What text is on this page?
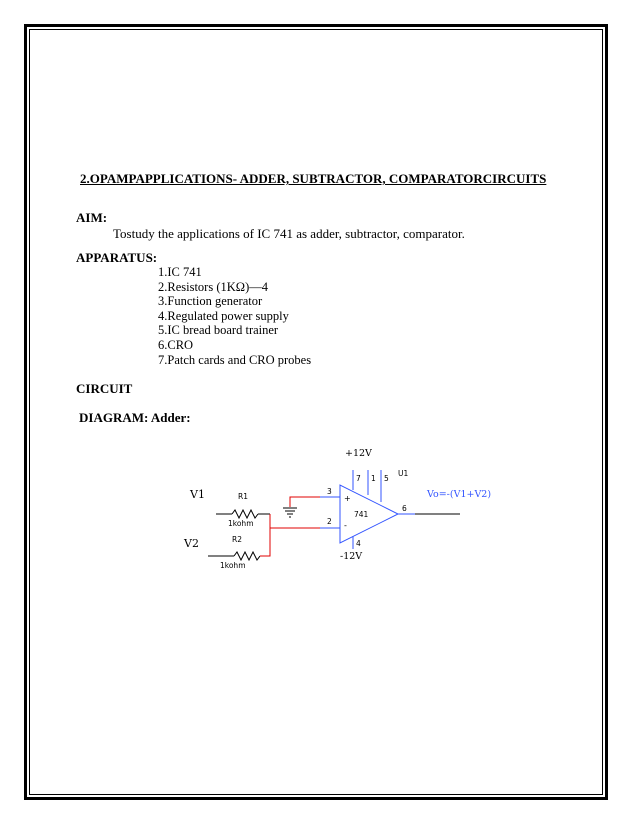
2.OPAMPAPPLICATIONS- ADDER, SUBTRACTOR, COMPARATORCIRCUITS
AIM:
Tostudy the applications of IC 741 as adder, subtractor, comparator.
APPARATUS:
1.IC 741
2.Resistors (1KΩ)—4
3.Function generator
4.Regulated power supply
5.IC bread board trainer
6.CRO
7.Patch cards and CRO probes
CIRCUIT
DIAGRAM: Adder:
+12V
-12V
7 1 5
U1
+
-
741
3
2
4
6
Vo=-(V1+V2)
V1	R1
1kohm
V2	R2
1kohm
